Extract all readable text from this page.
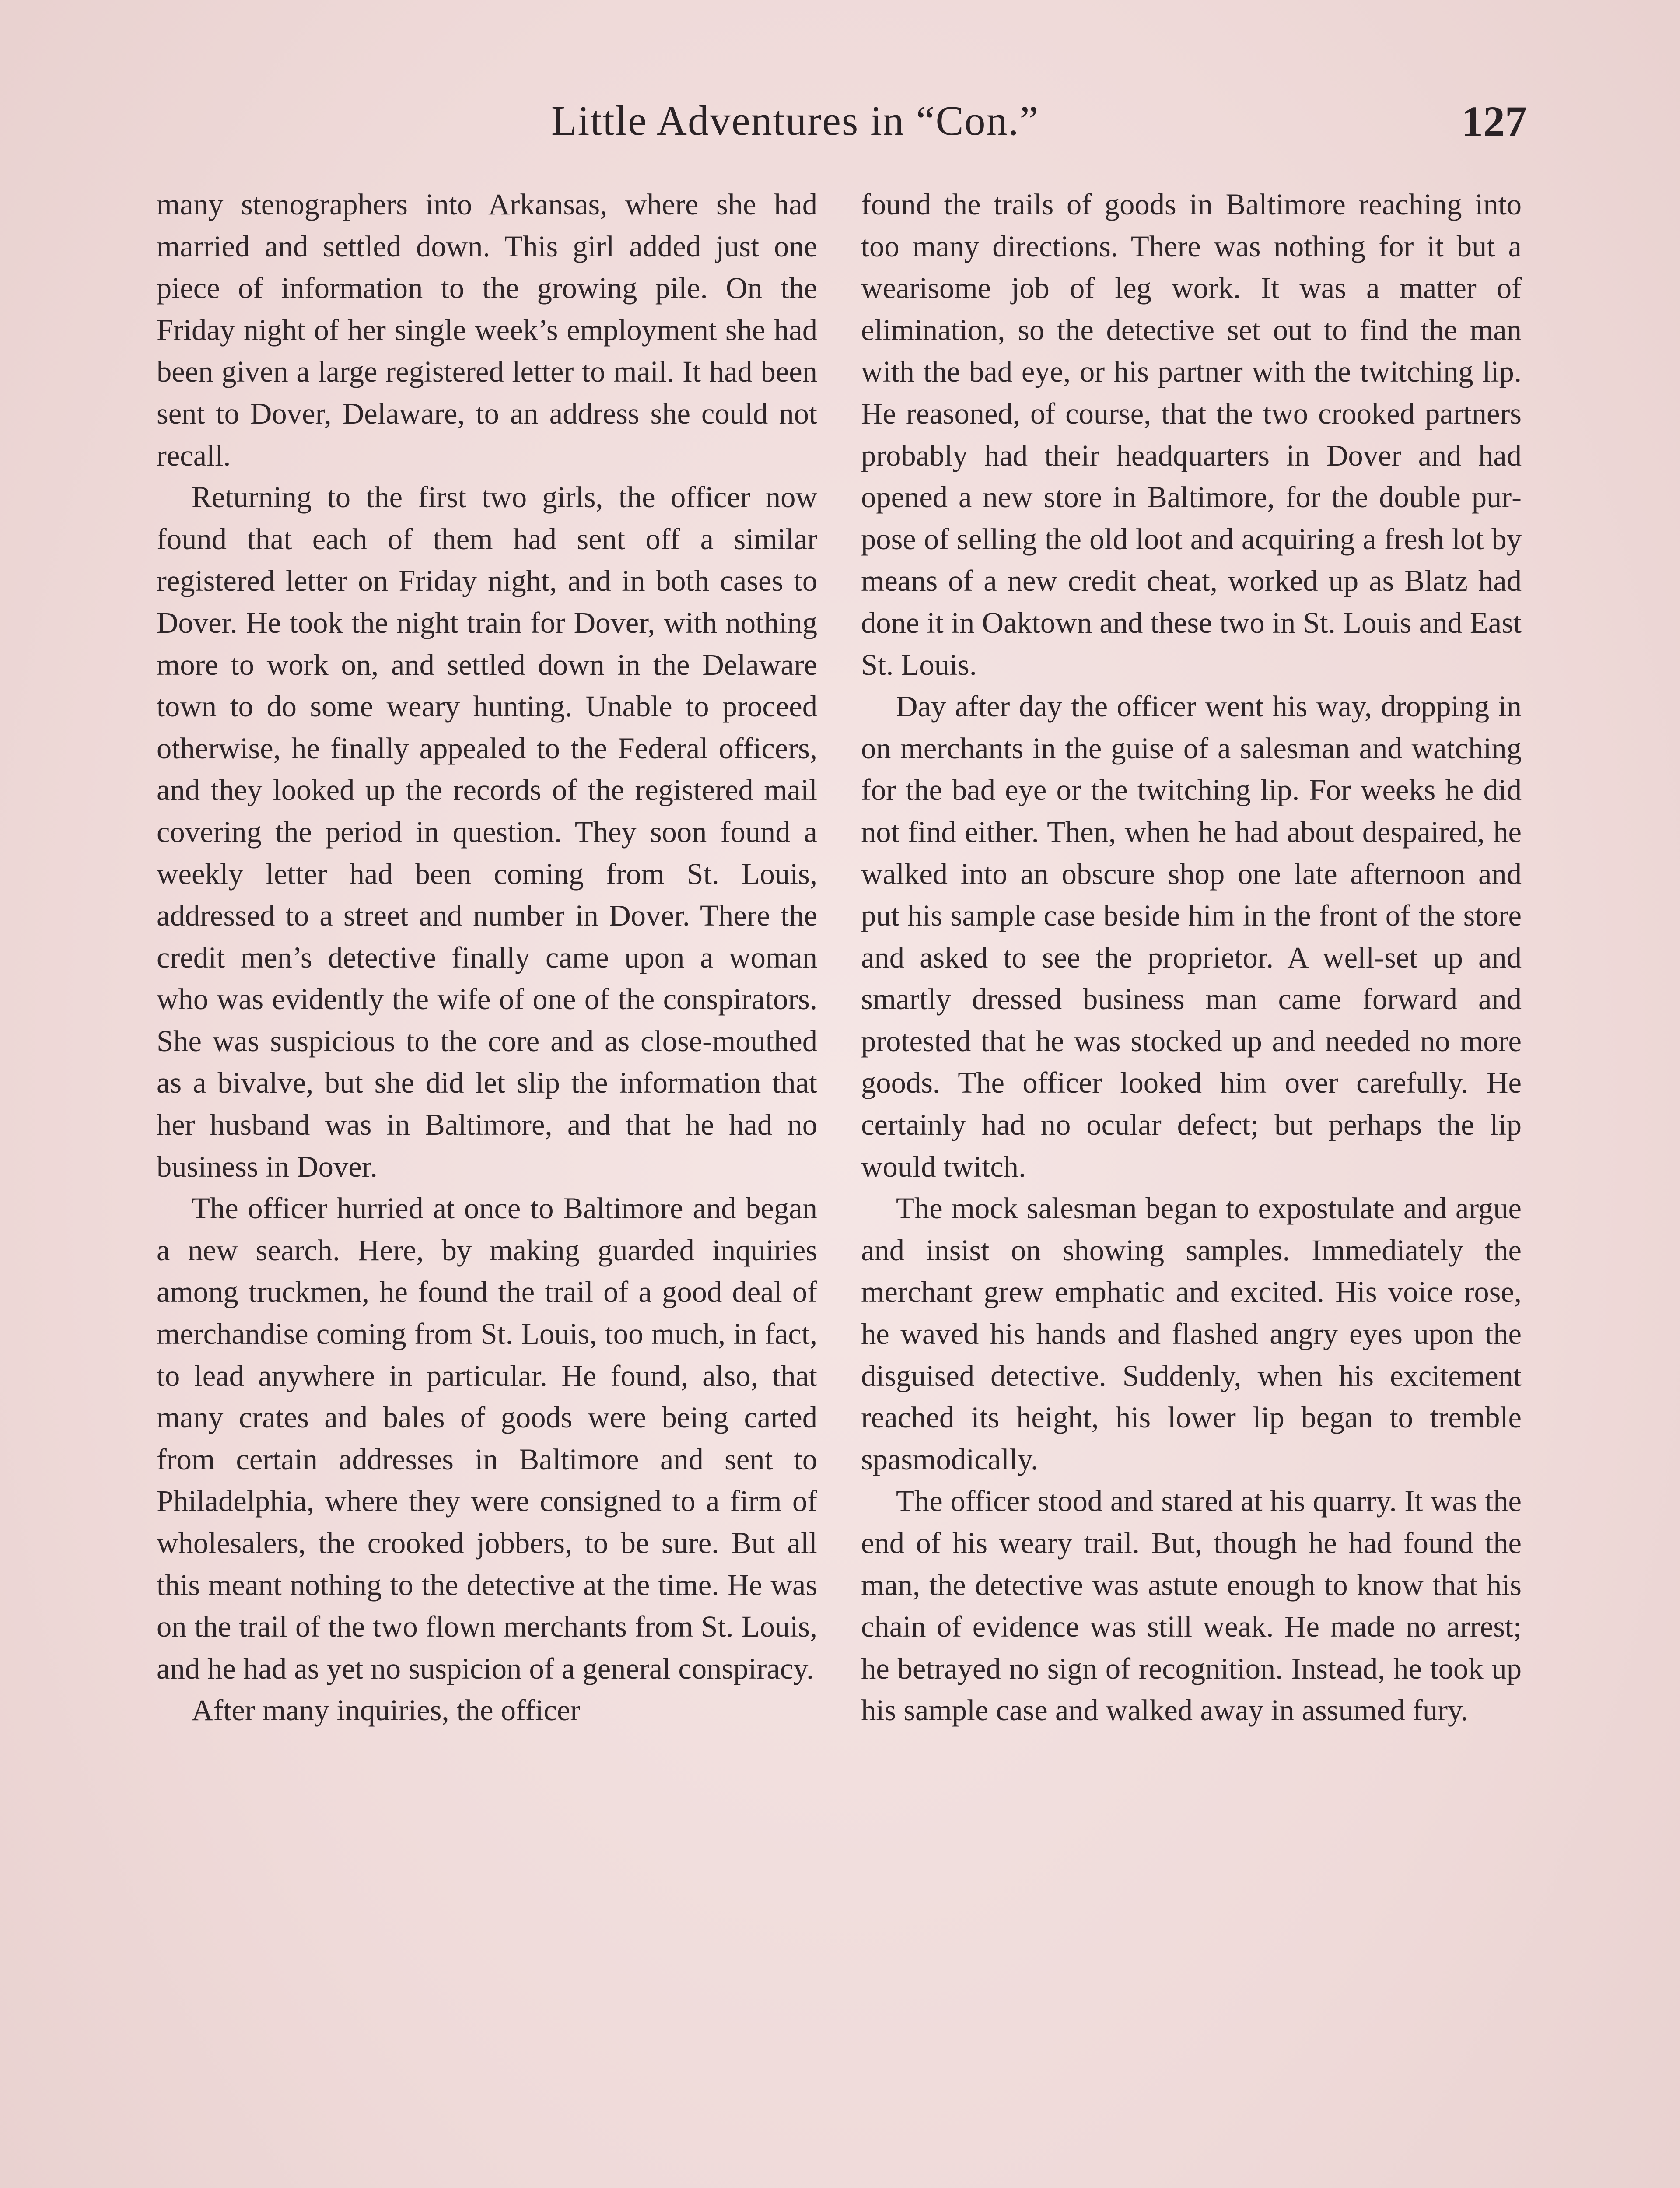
Little Adventures in “Con.”	127

many stenographers into Arkansas, where she had married and settled down. This girl added just one piece of information to the growing pile. On the Friday night of her single week’s employment she had been given a large registered letter to mail. It had been sent to Dover, Delaware, to an address she could not recall.

Returning to the first two girls, the officer now found that each of them had sent off a similar registered letter on Friday night, and in both cases to Dover. He took the night train for Dover, with nothing more to work on, and settled down in the Delaware town to do some weary hunting. Unable to proceed otherwise, he finally appealed to the Federal officers, and they looked up the records of the registered mail covering the period in question. They soon found a weekly letter had been coming from St. Louis, addressed to a street and number in Dover. There the credit men’s detective finally came upon a woman who was evidently the wife of one of the conspirators. She was suspicious to the core and as close-mouthed as a bivalve, but she did let slip the information that her husband was in Baltimore, and that he had no business in Dover.

The officer hurried at once to Baltimore and began a new search. Here, by making guarded inquiries among truckmen, he found the trail of a good deal of merchandise coming from St. Louis, too much, in fact, to lead anywhere in particular. He found, also, that many crates and bales of goods were being carted from certain addresses in Baltimore and sent to Philadelphia, where they were consigned to a firm of wholesalers, the crooked jobbers, to be sure. But all this meant nothing to the detective at the time. He was on the trail of the two flown merchants from St. Louis, and he had as yet no suspicion of a general conspiracy.

After many inquiries, the officer

found the trails of goods in Baltimore reaching into too many directions. There was nothing for it but a wearisome job of leg work. It was a matter of elimination, so the detective set out to find the man with the bad eye, or his partner with the twitching lip. He reasoned, of course, that the two crooked partners probably had their headquarters in Dover and had opened a new store in Baltimore, for the double purpose of selling the old loot and acquiring a fresh lot by means of a new credit cheat, worked up as Blatz had done it in Oaktown and these two in St. Louis and East St. Louis.

Day after day the officer went his way, dropping in on merchants in the guise of a salesman and watching for the bad eye or the twitching lip. For weeks he did not find either. Then, when he had about despaired, he walked into an obscure shop one late afternoon and put his sample case beside him in the front of the store and asked to see the proprietor. A well-set up and smartly dressed business man came forward and protested that he was stocked up and needed no more goods. The officer looked him over carefully. He certainly had no ocular defect; but perhaps the lip would twitch.

The mock salesman began to expostulate and argue and insist on showing samples. Immediately the merchant grew emphatic and excited. His voice rose, he waved his hands and flashed angry eyes upon the disguised detective. Suddenly, when his excitement reached its height, his lower lip began to tremble spasmodically.

The officer stood and stared at his quarry. It was the end of his weary trail. But, though he had found the man, the detective was astute enough to know that his chain of evidence was still weak. He made no arrest; he betrayed no sign of recognition. Instead, he took up his sample case and walked away in assumed fury.
